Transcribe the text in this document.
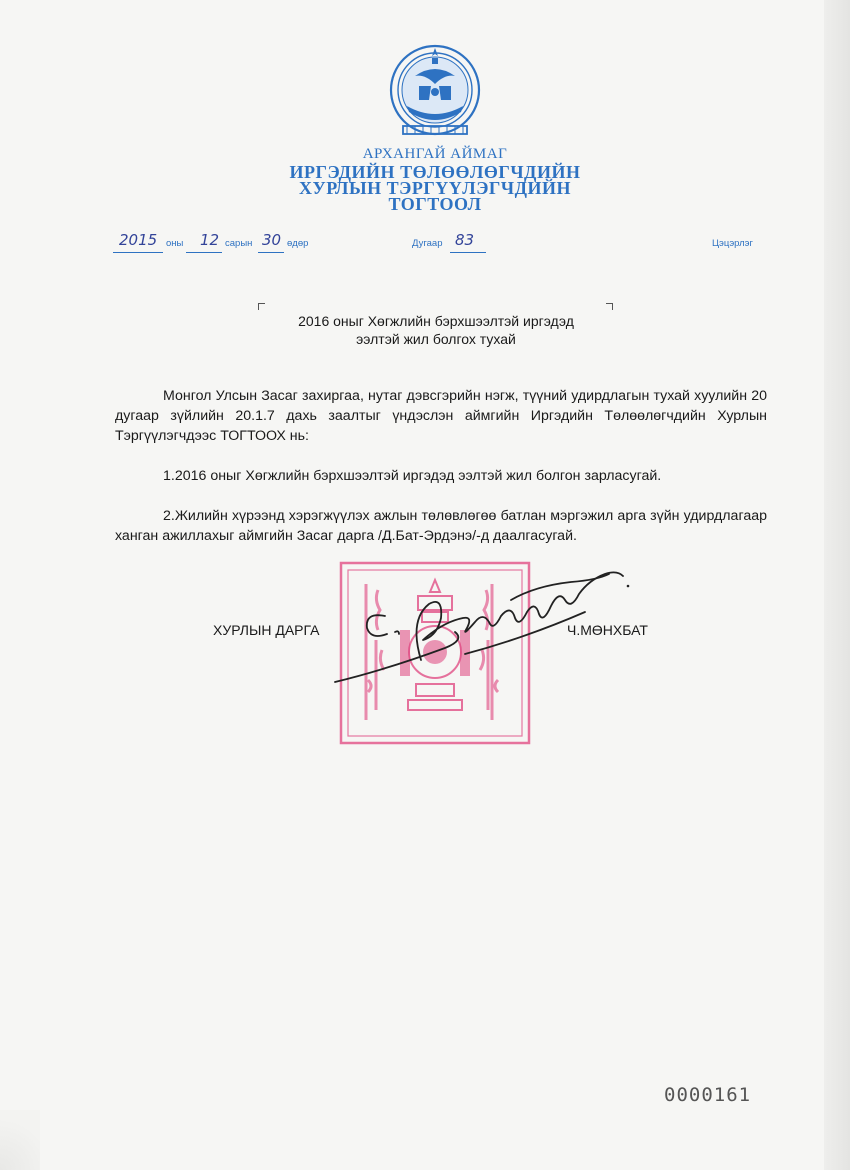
АРХАНГАЙ АЙМАГ
ИРГЭДИЙН ТӨЛӨӨЛӨГЧДИЙН
ХУРЛЫН ТЭРГҮҮЛЭГЧДИЙН
ТОГТООЛ
2015 оны 12 сарын 30 өдөр	Дугаар 83	Цэцэрлэг
2016 оныг Хөгжлийн бэрхшээлтэй иргэдэд
ээлтэй жил болгох тухай
Монгол Улсын Засаг захиргаа, нутаг дэвсгэрийн нэгж, түүний удирдлагын тухай хуулийн 20 дугаар зүйлийн 20.1.7 дахь заалтыг үндэслэн аймгийн Иргэдийн Төлөөлөгчдийн Хурлын Тэргүүлэгчдээс ТОГТООХ нь:
1.2016 оныг Хөгжлийн бэрхшээлтэй иргэдэд ээлтэй жил болгон зарласугай.
2.Жилийн хүрээнд хэрэгжүүлэх ажлын төлөвлөгөө батлан мэргэжил арга зүйн удирдлагаар ханган ажиллахыг аймгийн Засаг дарга /Д.Бат-Эрдэнэ/-д даалгасугай.
ХУРЛЫН ДАРГА	Ч.МӨНХБАТ
0000161
